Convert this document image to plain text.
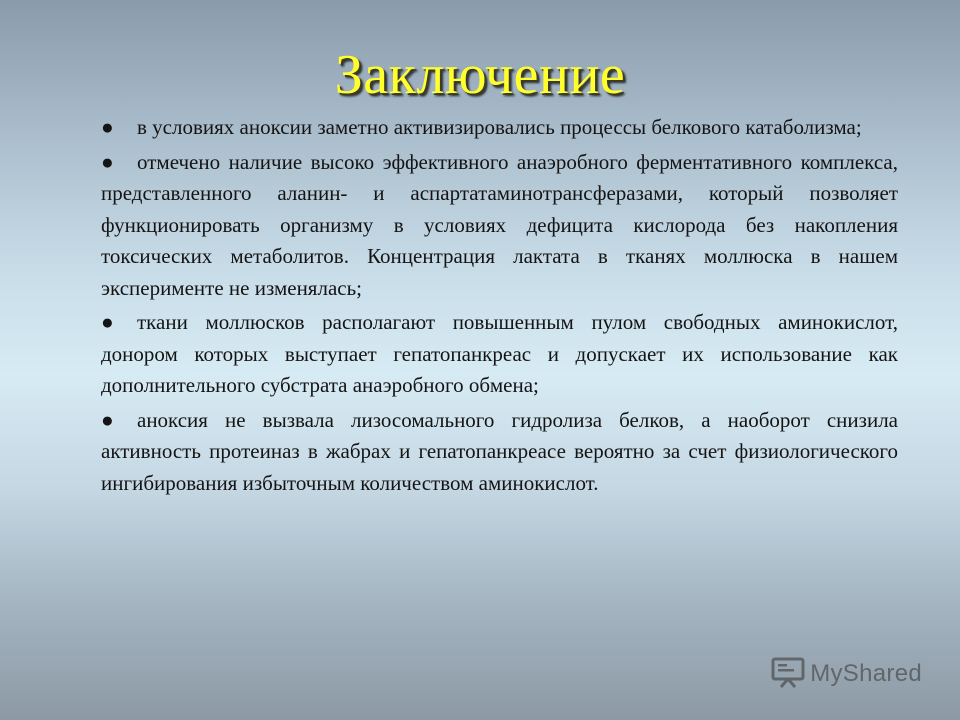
Заключение

● в условиях аноксии заметно активизировались процессы белкового катаболизма;

● отмечено наличие высоко эффективного анаэробного ферментативного комплекса, представленного аланин- и аспартатаминотрансферазами, который позволяет функционировать организму в условиях дефицита кислорода без накопления токсических метаболитов. Концентрация лактата в тканях моллюска в нашем эксперименте не изменялась;

● ткани моллюсков располагают повышенным пулом свободных аминокислот, донором которых выступает гепатопанкреас и допускает их использование как дополнительного субстрата анаэробного обмена;

● аноксия не вызвала лизосомального гидролиза белков, а наоборот снизила активность протеиназ в жабрах и гепатопанкреасе вероятно за счет физиологического ингибирования избыточным количеством аминокислот.

MyShared
